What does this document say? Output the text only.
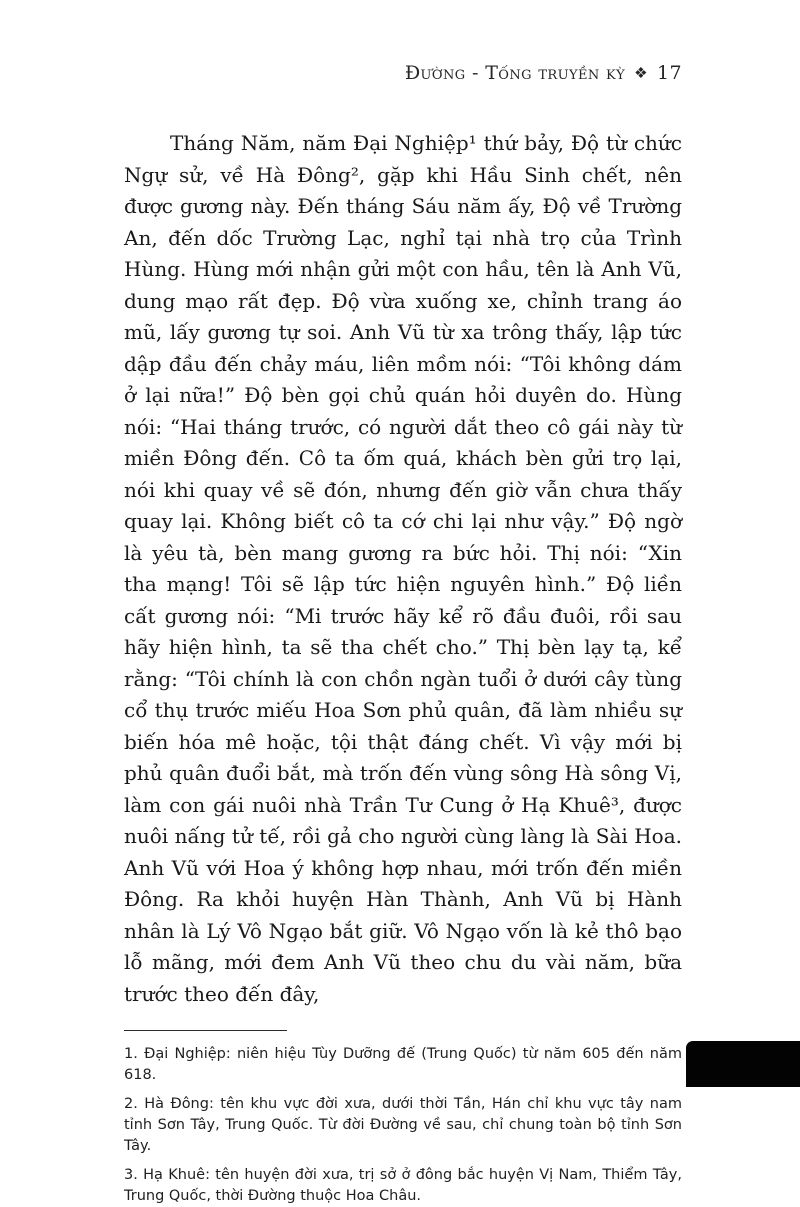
Đường - Tống truyền kỳ ❖ 17

Tháng Năm, năm Đại Nghiệp¹ thứ bảy, Độ từ chức Ngự sử, về Hà Đông², gặp khi Hầu Sinh chết, nên được gương này. Đến tháng Sáu năm ấy, Độ về Trường An, đến dốc Trường Lạc, nghỉ tại nhà trọ của Trình Hùng. Hùng mới nhận gửi một con hầu, tên là Anh Vũ, dung mạo rất đẹp. Độ vừa xuống xe, chỉnh trang áo mũ, lấy gương tự soi. Anh Vũ từ xa trông thấy, lập tức dập đầu đến chảy máu, liên mồm nói: “Tôi không dám ở lại nữa!” Độ bèn gọi chủ quán hỏi duyên do. Hùng nói: “Hai tháng trước, có người dắt theo cô gái này từ miền Đông đến. Cô ta ốm quá, khách bèn gửi trọ lại, nói khi quay về sẽ đón, nhưng đến giờ vẫn chưa thấy quay lại. Không biết cô ta cớ chi lại như vậy.” Độ ngờ là yêu tà, bèn mang gương ra bức hỏi. Thị nói: “Xin tha mạng! Tôi sẽ lập tức hiện nguyên hình.” Độ liền cất gương nói: “Mi trước hãy kể rõ đầu đuôi, rồi sau hãy hiện hình, ta sẽ tha chết cho.” Thị bèn lạy tạ, kể rằng: “Tôi chính là con chồn ngàn tuổi ở dưới cây tùng cổ thụ trước miếu Hoa Sơn phủ quân, đã làm nhiều sự biến hóa mê hoặc, tội thật đáng chết. Vì vậy mới bị phủ quân đuổi bắt, mà trốn đến vùng sông Hà sông Vị, làm con gái nuôi nhà Trần Tư Cung ở Hạ Khuê³, được nuôi nấng tử tế, rồi gả cho người cùng làng là Sài Hoa. Anh Vũ với Hoa ý không hợp nhau, mới trốn đến miền Đông. Ra khỏi huyện Hàn Thành, Anh Vũ bị Hành nhân là Lý Vô Ngạo bắt giữ. Vô Ngạo vốn là kẻ thô bạo lỗ mãng, mới đem Anh Vũ theo chu du vài năm, bữa trước theo đến đây,

1. Đại Nghiệp: niên hiệu Tùy Dưỡng đế (Trung Quốc) từ năm 605 đến năm 618.

2. Hà Đông: tên khu vực đời xưa, dưới thời Tần, Hán chỉ khu vực tây nam tỉnh Sơn Tây, Trung Quốc. Từ đời Đường về sau, chỉ chung toàn bộ tỉnh Sơn Tây.

3. Hạ Khuê: tên huyện đời xưa, trị sở ở đông bắc huyện Vị Nam, Thiểm Tây, Trung Quốc, thời Đường thuộc Hoa Châu.
